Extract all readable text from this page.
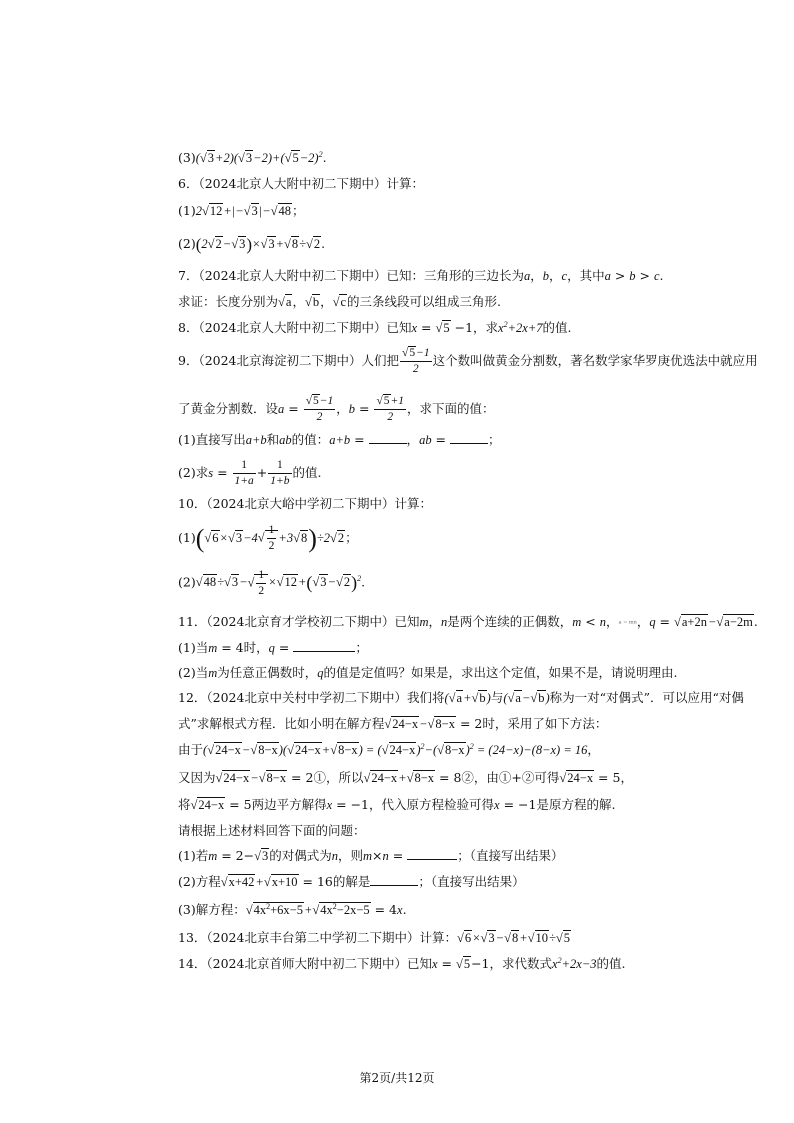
$(3)(√3+2)(√3-2)+(√5-2)^2$.
6．（2024北京人大附中初二下期中）计算：
(1)2√12+|−√3|−√48；
(2)(2√2−√3)×√3+√8÷√2.
7．（2024北京人大附中初二下期中）已知：三角形的三边长为a，b，c，其中a > b > c.
求证：长度分别为√a，√b，√c的三条线段可以组成三角形.
8．（2024北京人大附中初二下期中）已知x = √5 −1，求$x^2+2x+7$的值.
9．（2024北京海淀初二下期中）人们把 $\frac{√5-1}{2}$ 这个数叫做黄金分割数，著名数学家华罗庚优选法中就应用
了黄金分割数．设$a = \frac{√5-1}{2}$ ，$b = \frac{√5+1}{2}$ ，求下面的值：
(1)直接写出a+b和ab的值：a+b =	，ab =	；
(2)求$s = \frac{1}{1+a} + \frac{1}{1+b}$ 的值.
10．（2024北京大峪中学初二下期中）计算：
$(1)(√6\times√3-4√ \frac{1}{2} +3√8)\div 2√2$；
$(2)√48\div√3-√ \frac{1}{2} \times√12+(√3-√2)^2$.
11．（2024北京育才学校初二下期中）已知m，n是两个连续的正偶数，m < n，a = mn，q = √a+2n−√a−2m.
(1)当m = 4时，q =	；
(2)当m为任意正偶数时，q的值是定值吗？如果是，求出这个定值，如果不是，请说明理由.
12．（2024北京中关村中学初二下期中）我们将(√a+√b)与(√a−√b)称为一对“对偶式”．可以应用“对偶
式”求解根式方程．比如小明在解方程√24−x−√8−x = 2时，采用了如下方法：
由于$(√24-x-√8-x)(√24-x+√8-x) = (√24-x)^2-(√8-x)^2 = (24-x)-(8-x) = 16$，
又因为√24−x−√8−x = 2①，所以√24−x+√8−x = 8②，由①+②可得√24−x = 5，
将√24−x = 5两边平方解得x = −1，代入原方程检验可得x = −1是原方程的解.
请根据上述材料回答下面的问题：
(1)若m = 2−√3的对偶式为n，则m×n =	；（直接写出结果）
(2)方程√x+42+√x+10 = 16的解是	；（直接写出结果）
(3)解方程：$√4x^2+6x-5+√4x^2-2x-5 = 4x$.
13．（2024北京丰台第二中学初二下期中）计算：√6×√3−√8+√10÷√5
14．（2024北京首师大附中初二下期中）已知x = √5−1，求代数式$x^2+2x-3$的值.
第2页/共12页
